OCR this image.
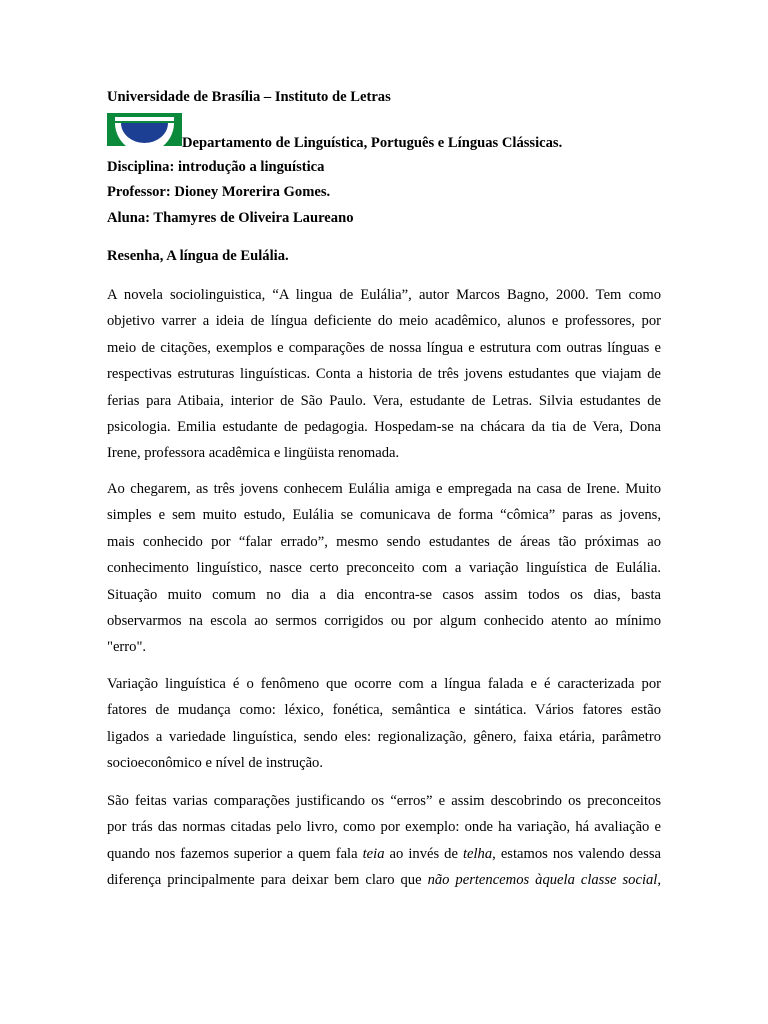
Universidade de Brasília – Instituto de Letras

Departamento de Linguística, Português e Línguas Clássicas.

Disciplina: introdução a linguística

Professor: Dioney Morerira Gomes.

Aluna: Thamyres de Oliveira Laureano

Resenha, A língua de Eulália.

A novela sociolinguistica, “A lingua de Eulália”, autor Marcos Bagno, 2000. Tem como
objetivo varrer a ideia de língua deficiente do meio acadêmico, alunos e professores, por
meio de citações, exemplos e comparações de nossa língua e estrutura com outras línguas e
respectivas estruturas linguísticas. Conta a historia de três jovens estudantes que viajam de
ferias para Atibaia, interior de São Paulo. Vera, estudante de Letras. Silvia estudantes de
psicologia. Emilia estudante de pedagogia. Hospedam-se na chácara da tia de Vera, Dona
Irene, professora acadêmica e lingüista renomada.
Ao chegarem, as três jovens conhecem Eulália amiga e empregada na casa de Irene. Muito
simples e sem muito estudo, Eulália se comunicava de forma “cômica” paras as jovens,
mais conhecido por “falar errado”, mesmo sendo estudantes de áreas tão próximas ao
conhecimento linguístico, nasce certo preconceito com a variação linguística de Eulália.
Situação muito comum no dia a dia encontra-se casos assim todos os dias, basta
observarmos na escola ao sermos corrigidos ou por algum conhecido atento ao mínimo
"erro".
Variação linguística é o fenômeno que ocorre com a língua falada e é caracterizada por
fatores de mudança como: léxico, fonética, semântica e sintática. Vários fatores estão
ligados a variedade linguística, sendo eles: regionalização, gênero, faixa etária, parâmetro
socioeconômico e nível de instrução.
São feitas varias comparações justificando os “erros” e assim descobrindo os preconceitos
por trás das normas citadas pelo livro, como por exemplo: onde ha variação, há avaliação e
quando nos fazemos superior a quem fala teia ao invés de telha, estamos nos valendo dessa
diferença principalmente para deixar bem claro que não pertencemos àquela classe social,
